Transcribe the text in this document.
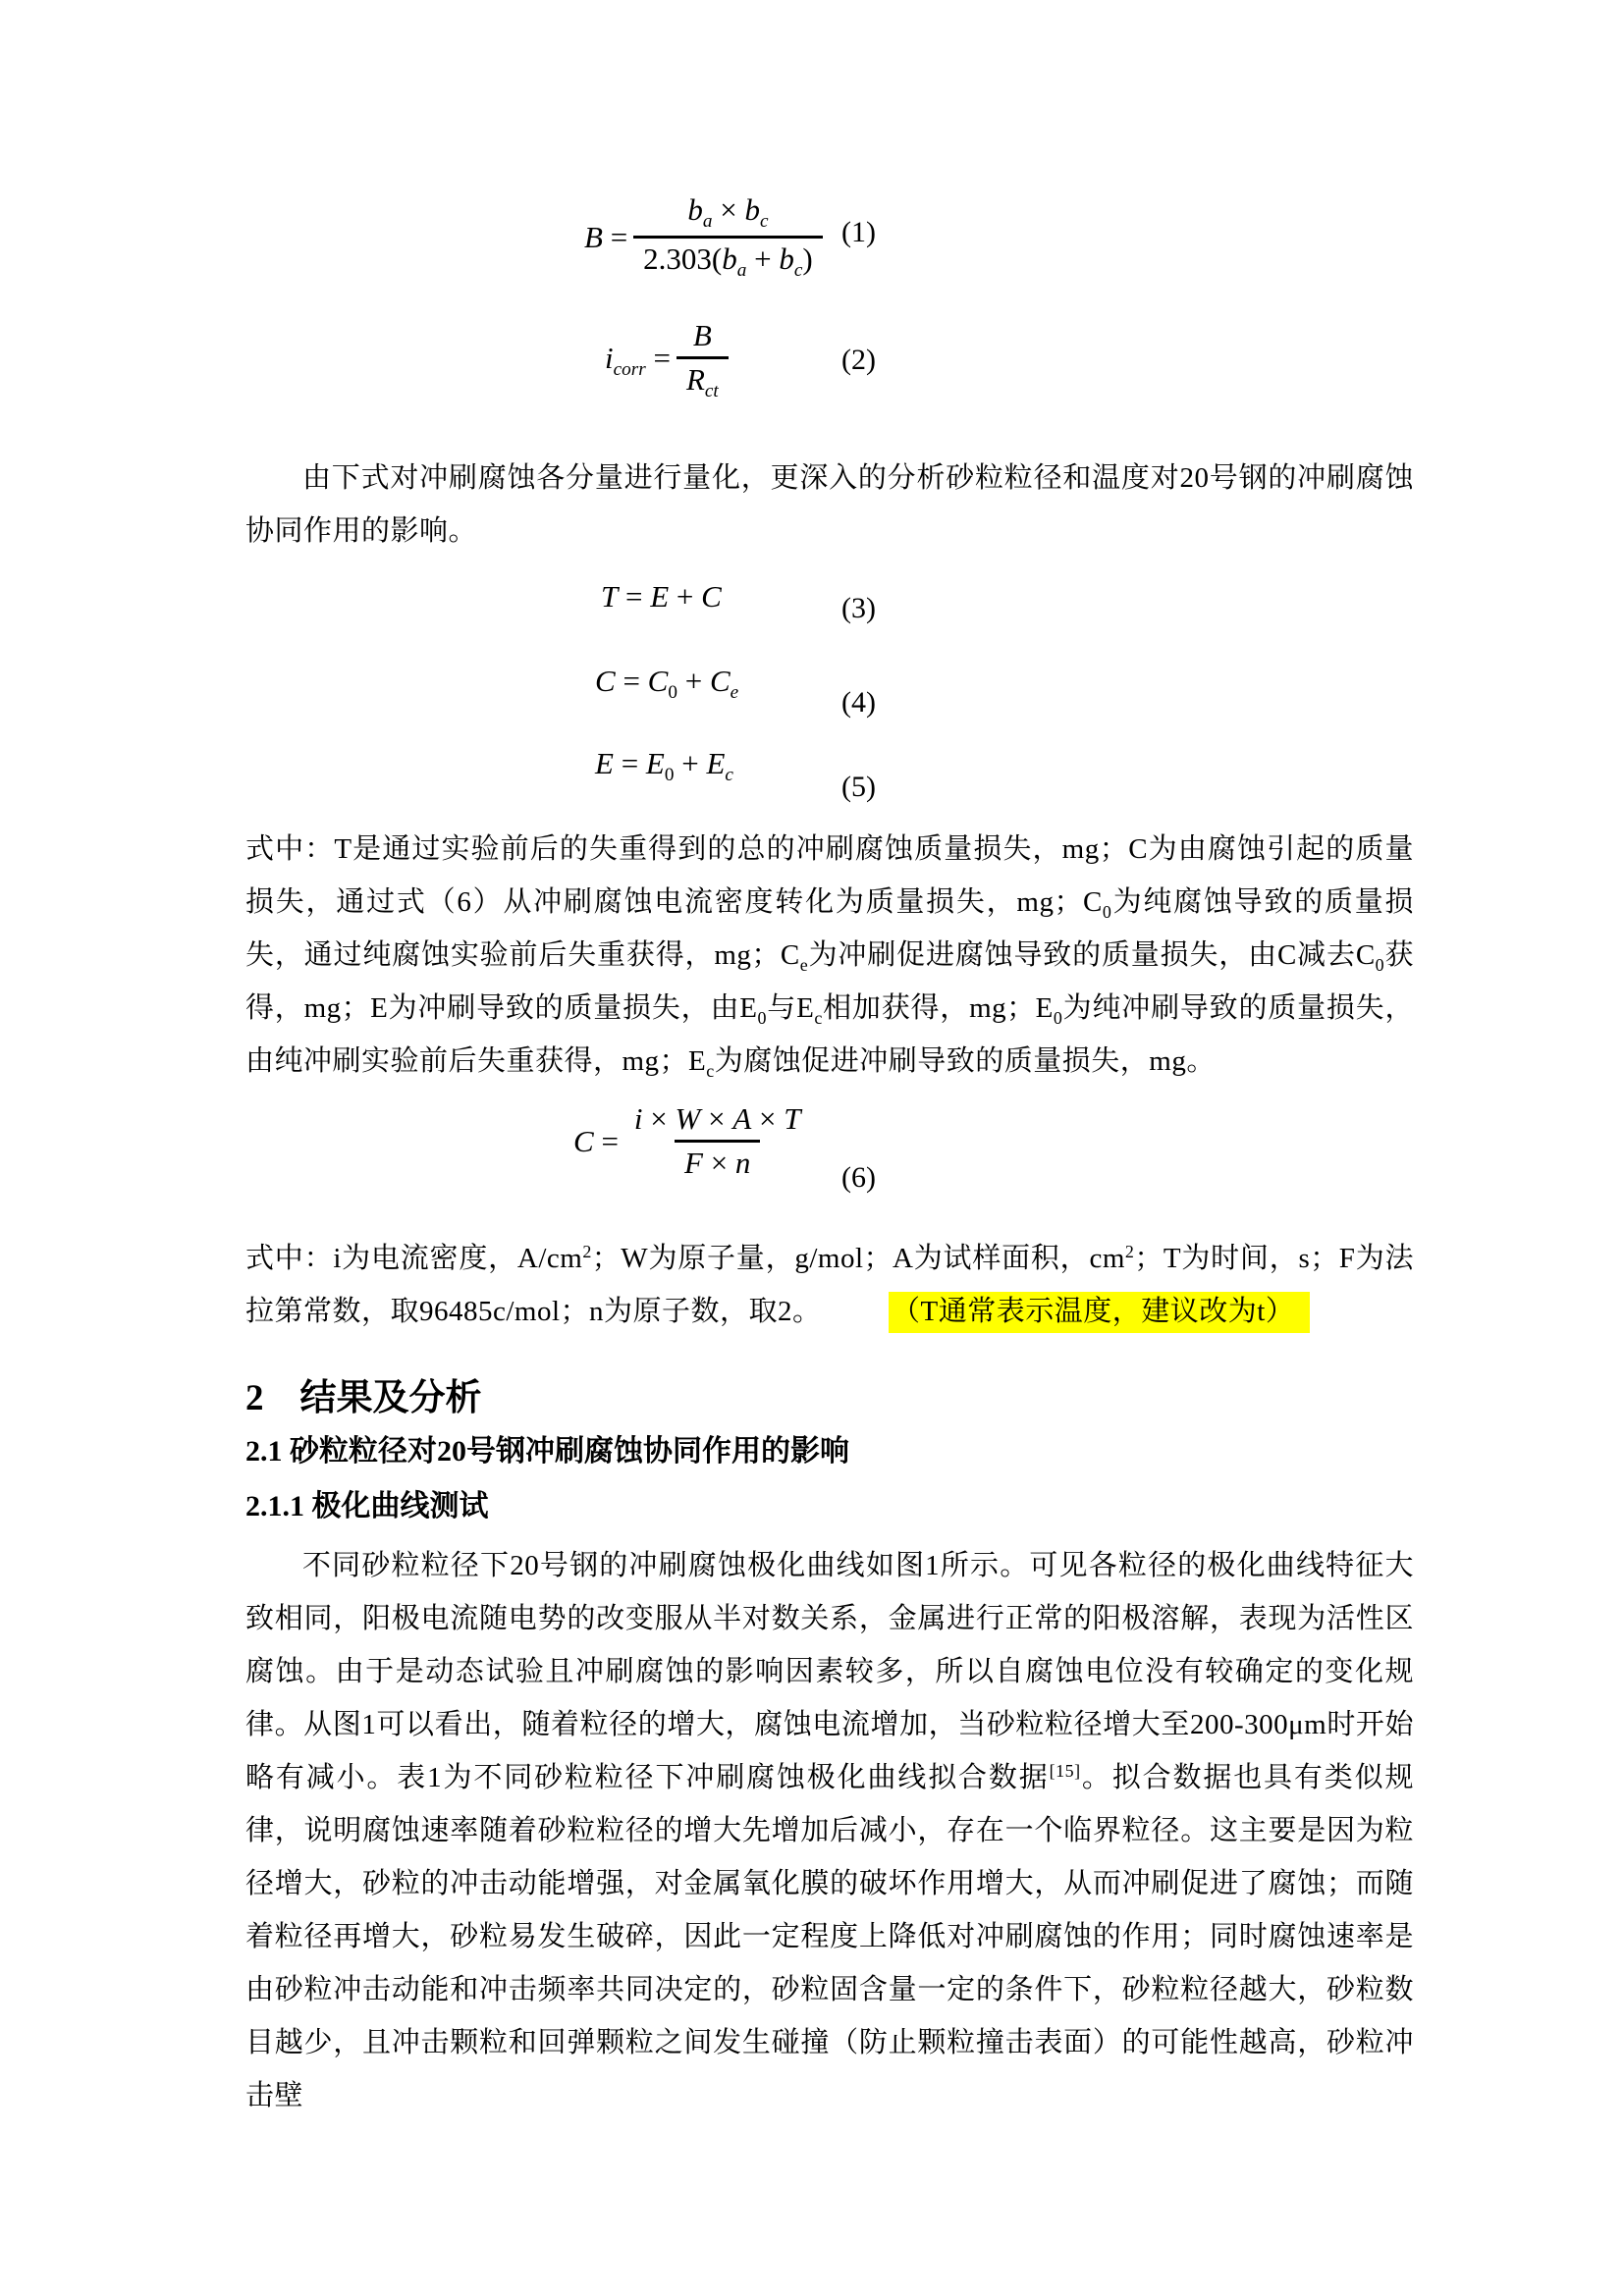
$B = \frac{b_a \times b_c}{2.303(b_a + b_c)} (1)$
$i_{corr} = \frac{B}{R_{ct}}$	(2)
由下式对冲刷腐蚀各分量进行量化，更深入的分析砂粒粒径和温度对20号钢的冲刷腐蚀协同作用的影响。
T = E + C	(3)
$C = C_0 + C_e$	(4)
$E = E_0 + E_c$	(5)
式中：T是通过实验前后的失重得到的总的冲刷腐蚀质量损失，mg；C为由腐蚀引起的质量损失，通过式（6）从冲刷腐蚀电流密度转化为质量损失，mg；$C_0$为纯腐蚀导致的质量损失，通过纯腐蚀实验前后失重获得，mg；$C_e$为冲刷促进腐蚀导致的质量损失，由C减去$C_0$获得，mg；E为冲刷导致的质量损失，由$E_0$与$E_c$相加获得，mg；$E_0$为纯冲刷导致的质量损失，由纯冲刷实验前后失重获得，mg；$E_c$为腐蚀促进冲刷导致的质量损失，mg。
$C = \frac{i \times W \times A \times T}{F \times n} (6)$
式中：i为电流密度，$A/cm^2$；W为原子量，g/mol；A为试样面积，$cm^2$；T为时间，s；F为法拉第常数，取96485c/mol；n为原子数，取2。	（T通常表示温度，建议改为t）
2　结果及分析
2.1 砂粒粒径对20号钢冲刷腐蚀协同作用的影响
2.1.1 极化曲线测试
不同砂粒粒径下20号钢的冲刷腐蚀极化曲线如图1所示。可见各粒径的极化曲线特征大致相同，阳极电流随电势的改变服从半对数关系，金属进行正常的阳极溶解，表现为活性区腐蚀。由于是动态试验且冲刷腐蚀的影响因素较多，所以自腐蚀电位没有较确定的变化规律。从图1可以看出，随着粒径的增大，腐蚀电流增加，当砂粒粒径增大至200-300μm时开始略有减小。表1为不同砂粒粒径下冲刷腐蚀极化曲线拟合数据[15]。拟合数据也具有类似规律，说明腐蚀速率随着砂粒粒径的增大先增加后减小，存在一个临界粒径。这主要是因为粒径增大，砂粒的冲击动能增强，对金属氧化膜的破坏作用增大，从而冲刷促进了腐蚀；而随着粒径再增大，砂粒易发生破碎，因此一定程度上降低对冲刷腐蚀的作用；同时腐蚀速率是由砂粒冲击动能和冲击频率共同决定的，砂粒固含量一定的条件下，砂粒粒径越大，砂粒数目越少，且冲击颗粒和回弹颗粒之间发生碰撞（防止颗粒撞击表面）的可能性越高，砂粒冲击壁
